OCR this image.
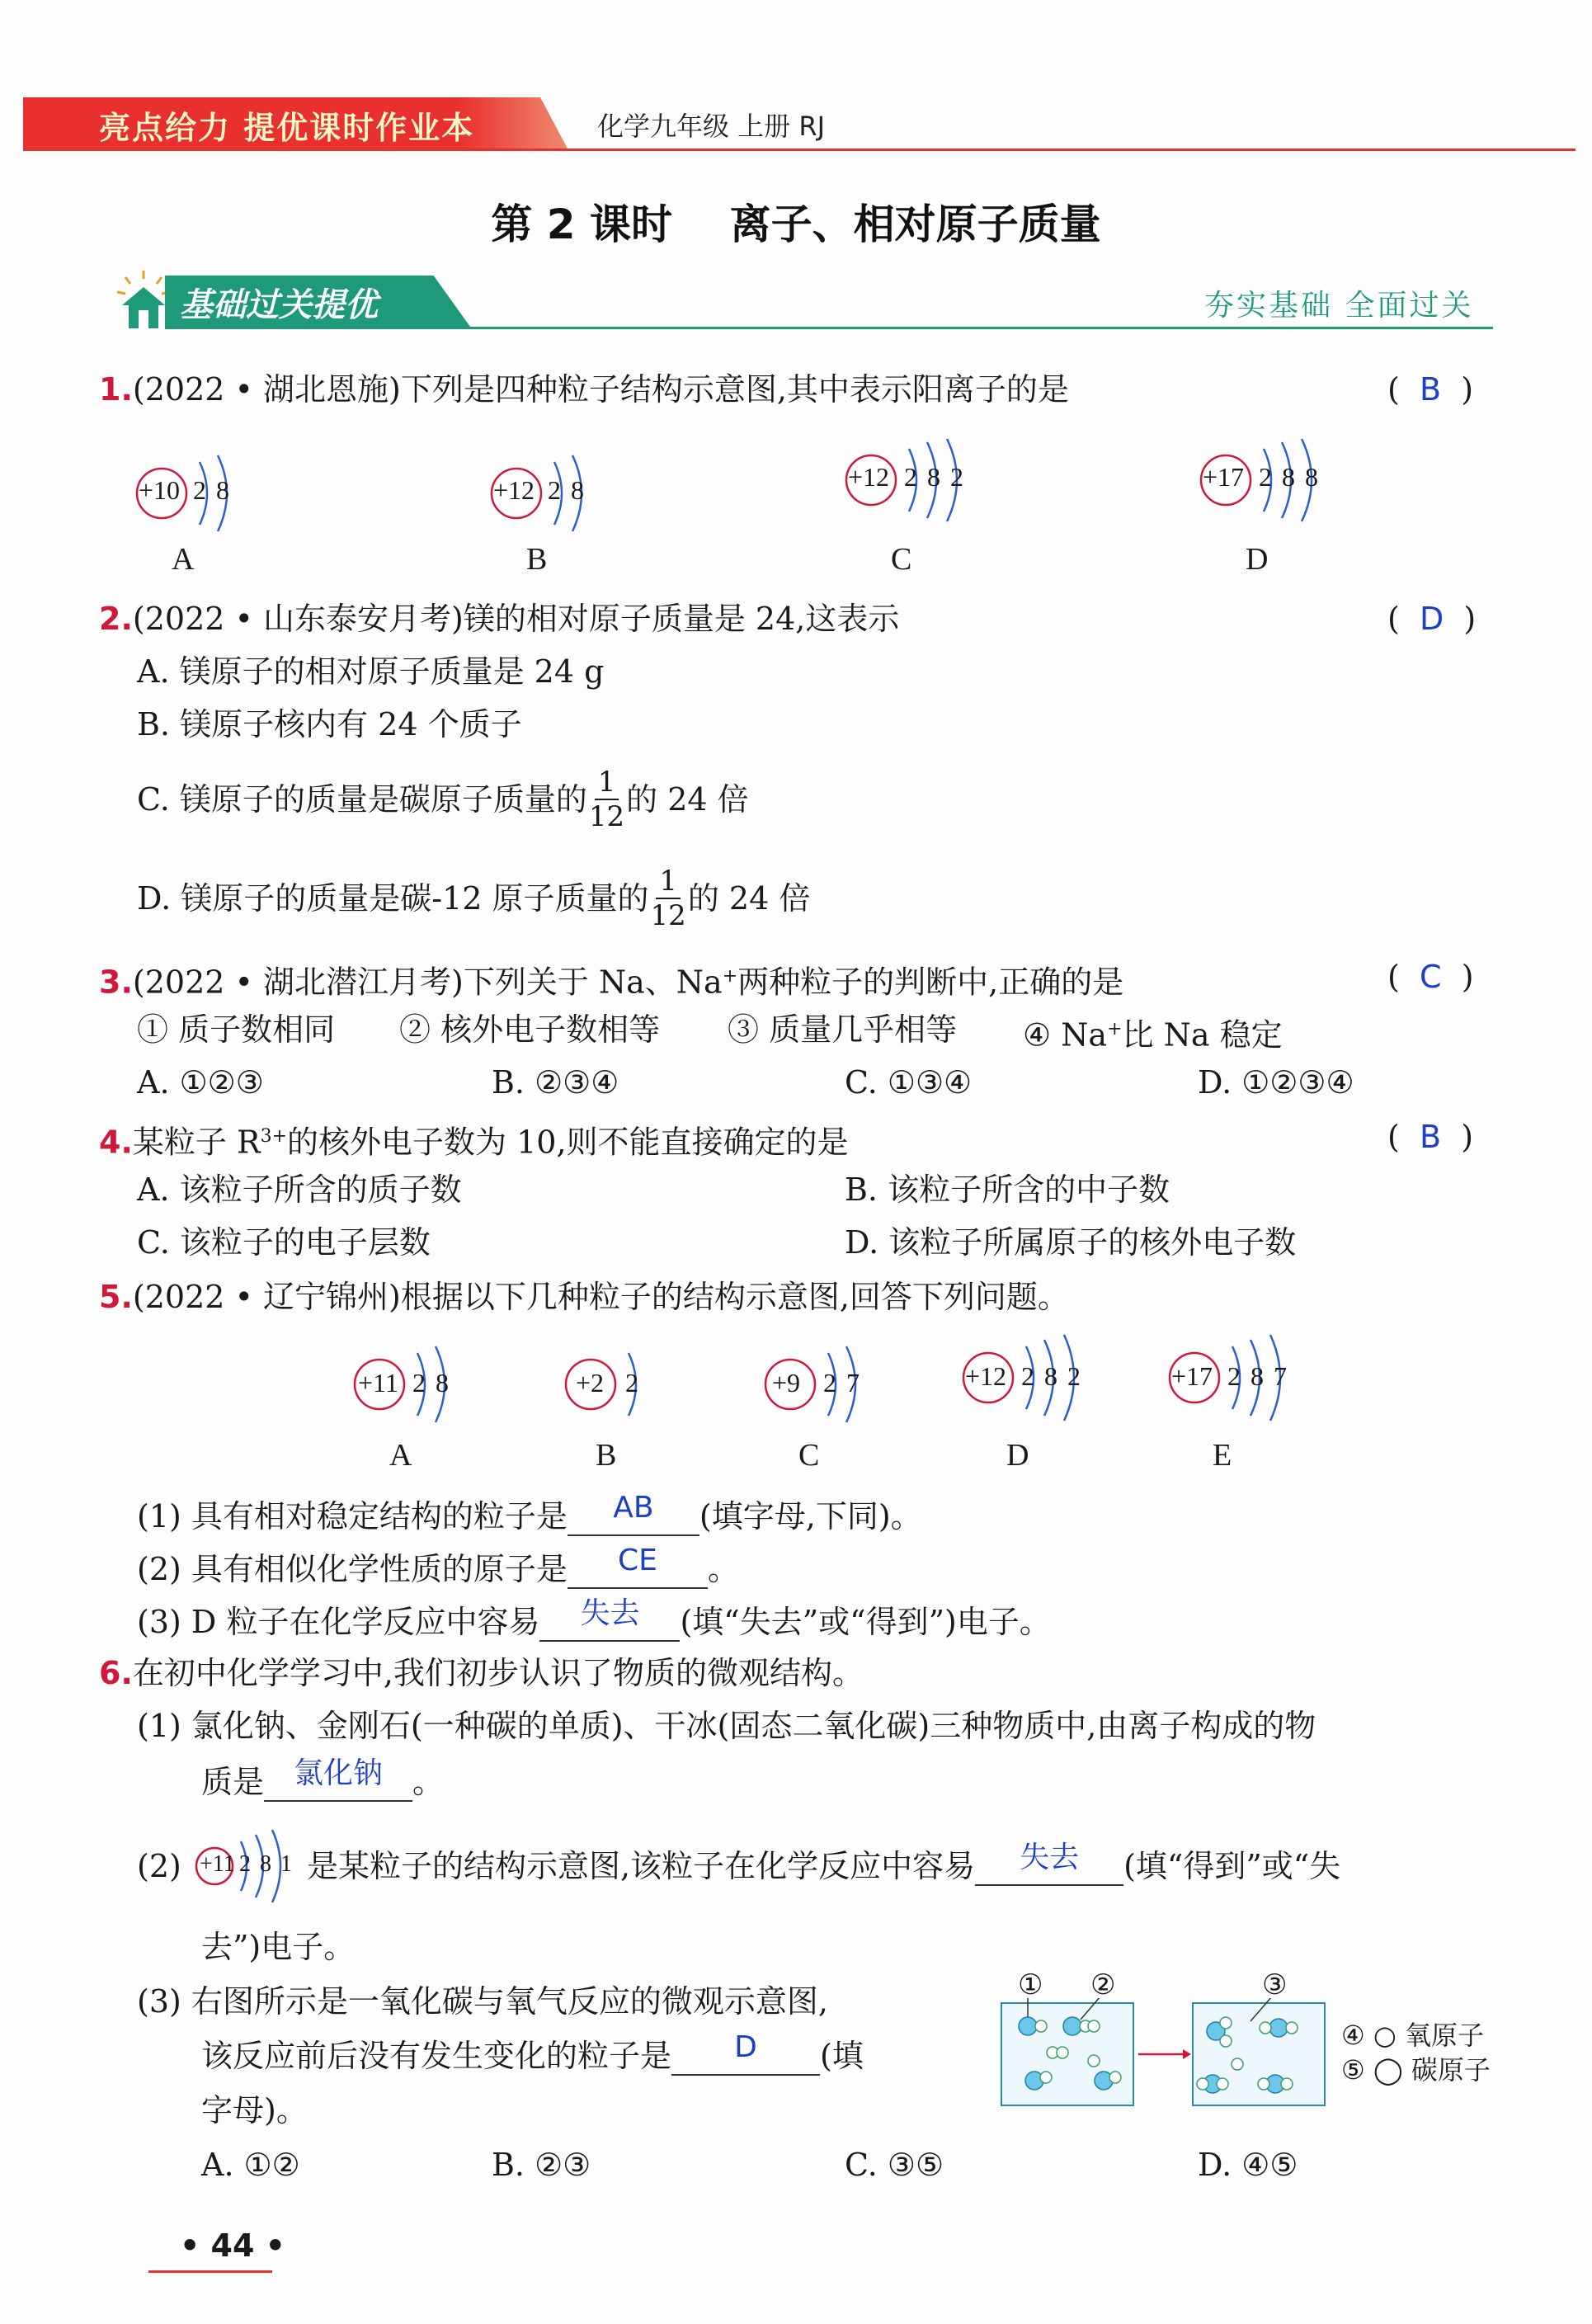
亮点给力 提优课时作业本	化学九年级 上册 RJ
第 2 课时    离子、相对原子质量
基础过关提优	夯实基础 全面过关
1.(2022 • 湖北恩施)下列是四种粒子结构示意图,其中表示阳离子的是	(  B  )
+10 2 8
A
+12 2 8
B
+12 2 8 2
C
+17 2 8 8
D
2.(2022 • 山东泰安月考)镁的相对原子质量是 24,这表示	(  D  )
A. 镁原子的相对原子质量是 24 g
B. 镁原子核内有 24 个质子
C. 镁原子的质量是碳原子质量的 $\frac{1}{12}$ 的 24 倍
D. 镁原子的质量是碳-12 原子质量的 $\frac{1}{12}$ 的 24 倍
3.(2022 • 湖北潜江月考)下列关于 Na、Na+两种粒子的判断中,正确的是	(  C  )
① 质子数相同 ② 核外电子数相等 ③ 质量几乎相等 ④ Na+比 Na 稳定
A. ①②③	B. ②③④	C. ①③④	D. ①②③④
4.某粒子 $R^{3+}$的核外电子数为 10,则不能直接确定的是	(  B  )
A. 该粒子所含的质子数	B. 该粒子所含的中子数
C. 该粒子的电子层数	D. 该粒子所属原子的核外电子数
5.(2022 • 辽宁锦州)根据以下几种粒子的结构示意图,回答下列问题。
+11 2 8
A
+2 2
B
+9 2 7
C
+12 2 8 2
D
+17 2 8 7
E
(1) 具有相对稳定结构的粒子是 AB (填字母,下同)。
(2) 具有相似化学性质的原子是 CE 。
(3) D 粒子在化学反应中容易 失去 (填“失去”或“得到”)电子。
6.在初中化学学习中,我们初步认识了物质的微观结构。
(1) 氯化钠、金刚石(一种碳的单质)、干冰(固态二氧化碳)三种物质中,由离子构成的物
质是 氯化钠 。
(2) +11 2 8 1 是某粒子的结构示意图,该粒子在化学反应中容易 失去 (填“得到”或“失
去”)电子。
(3) 右图所示是一氧化碳与氧气反应的微观示意图,
该反应前后没有发生变化的粒子是 D (填
字母)。
A. ①②	B. ②③	C. ③⑤	D. ④⑤
① ②	③
④ ○ 氧原子
⑤ ◯ 碳原子
• 44 •
